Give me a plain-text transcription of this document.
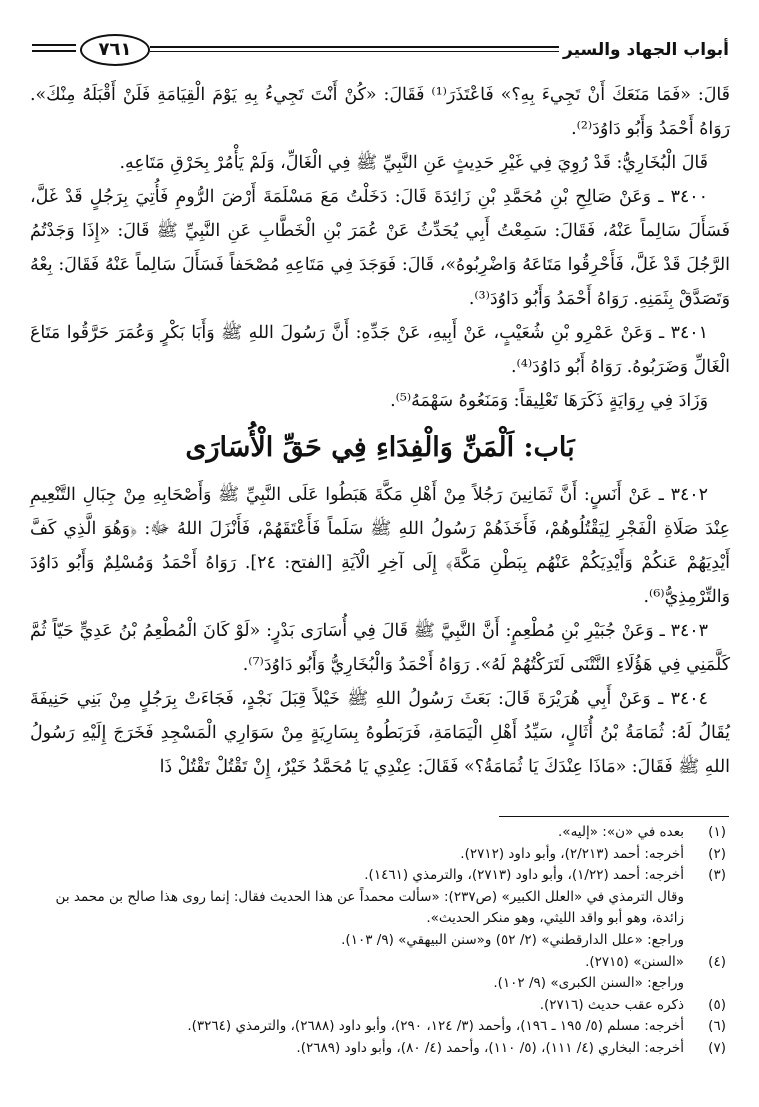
أبواب الجهاد والسير
٧٦١

قَالَ: «فَمَا مَنَعَكَ أَنْ تَجِيءَ بِهِ؟» فَاعْتَذَرَ⁽¹⁾ فَقَالَ: «كُنْ أَنْتَ تَجِيءُ بِهِ يَوْمَ الْقِيَامَةِ فَلَنْ أَقْبَلَهُ مِنْكَ». رَوَاهُ أَحْمَدُ وَأَبُو دَاوُدَ⁽²⁾.

قَالَ الْبُخَارِيُّ: قَدْ رُوِيَ فِي غَيْرِ حَدِيثٍ عَنِ النَّبِيِّ ﷺ فِي الْغَالِّ، وَلَمْ يَأْمُرْ بِحَرْقِ مَتَاعِهِ.

٣٤٠٠ ـ وَعَنْ صَالِحِ بْنِ مُحَمَّدِ بْنِ زَائِدَةَ قَالَ: دَخَلْتُ مَعَ مَسْلَمَةَ أَرْضَ الرُّومِ فَأُتِيَ بِرَجُلٍ قَدْ غَلَّ، فَسَأَلَ سَالِماً عَنْهُ، فَقَالَ: سَمِعْتُ أَبِي يُحَدِّثُ عَنْ عُمَرَ بْنِ الْخَطَّابِ عَنِ النَّبِيِّ ﷺ قَالَ: «إِذَا وَجَدْتُمُ الرَّجُلَ قَدْ غَلَّ، فَأَحْرِقُوا مَتَاعَهُ وَاضْرِبُوهُ»، قَالَ: فَوَجَدَ فِي مَتَاعِهِ مُصْحَفاً فَسَأَلَ سَالِماً عَنْهُ فَقَالَ: بِعْهُ وَتَصَدَّقْ بِثَمَنِهِ. رَوَاهُ أَحْمَدُ وَأَبُو دَاوُدَ⁽³⁾.

٣٤٠١ ـ وَعَنْ عَمْرِو بْنِ شُعَيْبٍ، عَنْ أَبِيهِ، عَنْ جَدِّهِ: أَنَّ رَسُولَ اللهِ ﷺ وَأَبَا بَكْرٍ وَعُمَرَ حَرَّقُوا مَتَاعَ الْغَالِّ وَضَرَبُوهُ. رَوَاهُ أَبُو دَاوُدَ⁽⁴⁾.

وَزَادَ فِي رِوَايَةٍ ذَكَرَهَا تَعْلِيقاً: وَمَنَعُوهُ سَهْمَهُ⁽⁵⁾.

بَاب: اَلْمَنِّ وَالْفِدَاءِ فِي حَقِّ الْأُسَارَى

٣٤٠٢ ـ عَنْ أَنَسٍ: أَنَّ ثَمَانِينَ رَجُلاً مِنْ أَهْلِ مَكَّةَ هَبَطُوا عَلَى النَّبِيِّ ﷺ وَأَصْحَابِهِ مِنْ جِبَالِ التَّنْعِيمِ عِنْدَ صَلَاةِ الْفَجْرِ لِيَقْتُلُوهُمْ، فَأَخَذَهُمْ رَسُولُ اللهِ ﷺ سَلَماً فَأَعْتَقَهُمْ، فَأَنْزَلَ اللهُ ﷻ: ﴿وَهُوَ الَّذِي كَفَّ أَيْدِيَهُمْ عَنكُمْ وَأَيْدِيَكُمْ عَنْهُم بِبَطْنِ مَكَّةَ﴾ إِلَى آخِرِ الْآيَةِ [الفتح: ٢٤]. رَوَاهُ أَحْمَدُ وَمُسْلِمٌ وَأَبُو دَاوُدَ وَالتِّرْمِذِيُّ⁽⁶⁾.

٣٤٠٣ ـ وَعَنْ جُبَيْرِ بْنِ مُطْعِمٍ: أَنَّ النَّبِيَّ ﷺ قَالَ فِي أُسَارَى بَدْرٍ: «لَوْ كَانَ الْمُطْعِمُ بْنُ عَدِيٍّ حَيّاً ثُمَّ كَلَّمَنِي فِي هَؤُلَاءِ النَّتْنَى لَتَرَكْتُهُمْ لَهُ». رَوَاهُ أَحْمَدُ وَالْبُخَارِيُّ وَأَبُو دَاوُدَ⁽⁷⁾.

٣٤٠٤ ـ وَعَنْ أَبِي هُرَيْرَةَ قَالَ: بَعَثَ رَسُولُ اللهِ ﷺ خَيْلاً قِبَلَ نَجْدٍ، فَجَاءَتْ بِرَجُلٍ مِنْ بَنِي حَنِيفَةَ يُقَالُ لَهُ: ثُمَامَةُ بْنُ أُثَالٍ، سَيِّدُ أَهْلِ الْيَمَامَةِ، فَرَبَطُوهُ بِسَارِيَةٍ مِنْ سَوَارِي الْمَسْجِدِ فَخَرَجَ إِلَيْهِ رَسُولُ اللهِ ﷺ فَقَالَ: «مَاذَا عِنْدَكَ يَا ثُمَامَةُ؟» فَقَالَ: عِنْدِي يَا مُحَمَّدُ خَيْرٌ، إِنْ تَقْتُلْ تَقْتُلْ ذَا

(١)
بعده في «ن»: «إليه».
(٢)
أخرجه: أحمد (٢/٢١٣)، وأبو داود (٢٧١٢).
(٣)
أخرجه: أحمد (١/٢٢)، وأبو داود (٢٧١٣)، والترمذي (١٤٦١).
وقال الترمذي في «العلل الكبير» (ص٢٣٧): «سألت محمداً عن هذا الحديث فقال: إنما روى هذا صالح بن محمد بن زائدة، وهو أبو واقد الليثي، وهو منكر الحديث».
وراجع: «علل الدارقطني» (٢/ ٥٢) و«سنن البيهقي» (٩/ ١٠٣).
(٤)
«السنن» (٢٧١٥).
وراجع: «السنن الكبرى» (٩/ ١٠٢).
(٥)
ذكره عقب حديث (٢٧١٦).
(٦)
أخرجه: مسلم (٥/ ١٩٥ ـ ١٩٦)، وأحمد (٣/ ١٢٤، ٢٩٠)، وأبو داود (٢٦٨٨)، والترمذي (٣٢٦٤).
(٧)
أخرجه: البخاري (٤/ ١١١)، (٥/ ١١٠)، وأحمد (٤/ ٨٠)، وأبو داود (٢٦٨٩).
